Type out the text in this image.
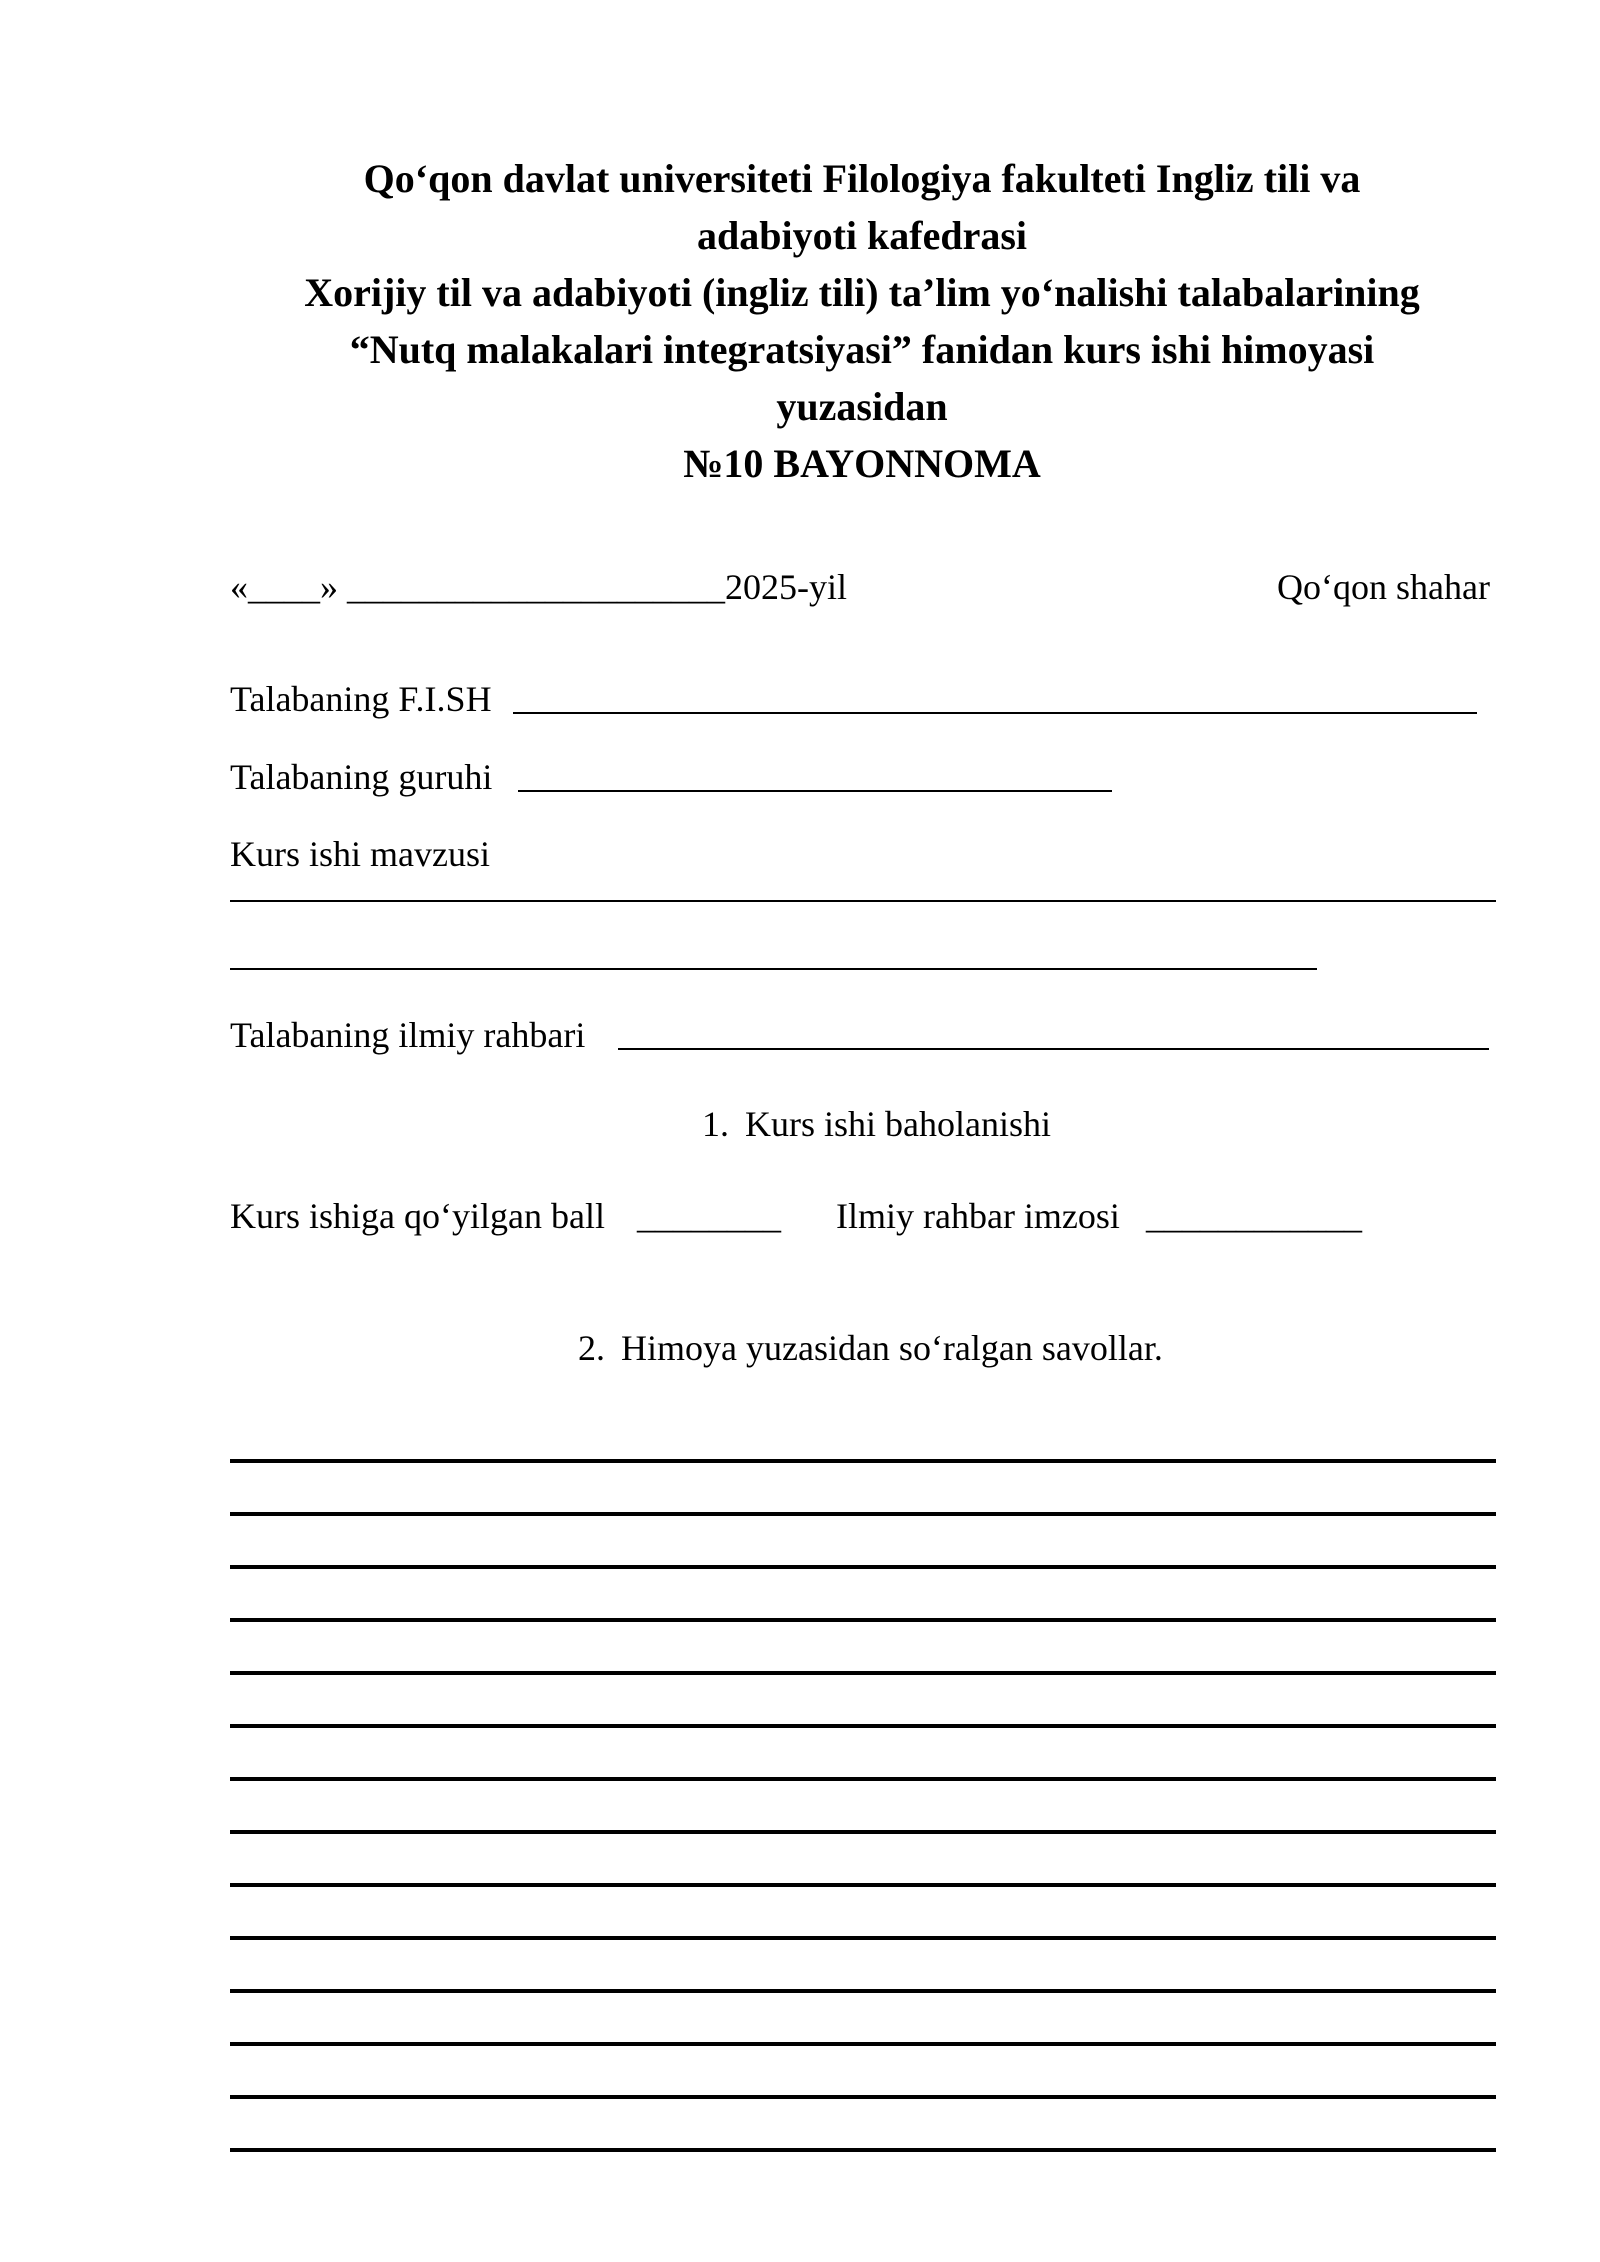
Qo‘qon davlat universiteti Filologiya fakulteti Ingliz tili va
adabiyoti kafedrasi
Xorijiy til va adabiyoti (ingliz tili) ta’lim yo‘nalishi talabalarining
“Nutq malakalari integratsiyasi” fanidan kurs ishi himoyasi
yuzasidan
№10 BAYONNOMA
«____» _____________________2025-yil	Qo‘qon shahar
Talabaning F.I.SH
Talabaning guruhi
Kurs ishi mavzusi
Talabaning ilmiy rahbari
1. Kurs ishi baholanishi
Kurs ishiga qo‘yilgan ball ________ Ilmiy rahbar imzosi ____________
2. Himoya yuzasidan so‘ralgan savollar.
